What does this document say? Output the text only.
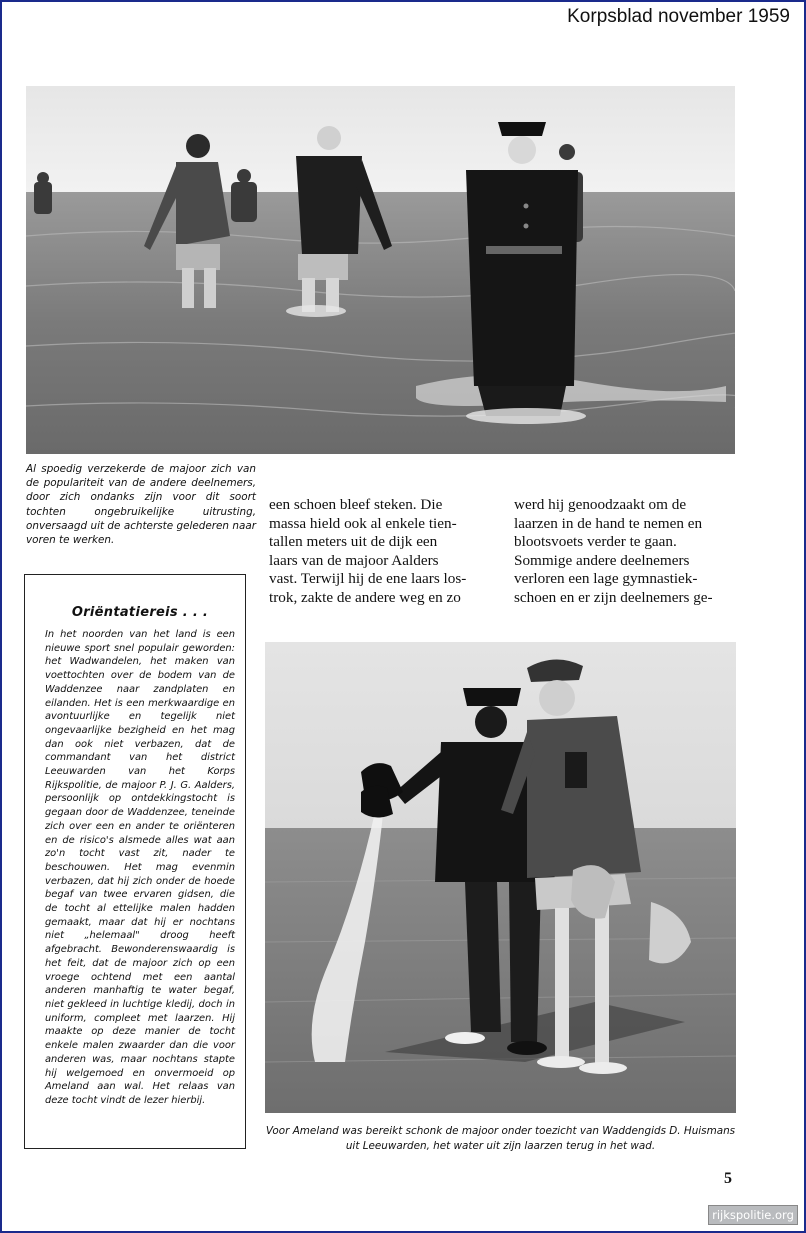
Korpsblad november 1959
Al spoedig verzekerde de majoor zich van de populariteit van de andere deelnemers, door zich ondanks zijn voor dit soort tochten ongebruikelijke uitrusting, onversaagd uit de achterste gelederen naar voren te werken.
een schoen bleef steken. Die
massa hield ook al enkele tien-
tallen meters uit de dijk een
laars van de majoor Aalders
vast. Terwijl hij de ene laars los-
trok, zakte de andere weg en zo
werd hij genoodzaakt om de
laarzen in de hand te nemen en
blootsvoets verder te gaan.
Sommige andere deelnemers
verloren een lage gymnastiek-
schoen en er zijn deelnemers ge-
Oriëntatiereis . . .
In het noorden van het land is een nieuwe sport snel populair geworden: het Wadwandelen, het maken van voettochten over de bodem van de Waddenzee naar zandplaten en eilanden. Het is een merkwaardige en avontuurlijke en tegelijk niet ongevaarlijke bezigheid en het mag dan ook niet verbazen, dat de commandant van het district Leeuwarden van het Korps Rijkspolitie, de majoor P. J. G. Aalders, persoonlijk op ontdekkingstocht is gegaan door de Waddenzee, teneinde zich over een en ander te oriënteren en de risico's alsmede alles wat aan zo'n tocht vast zit, nader te beschouwen. Het mag evenmin verbazen, dat hij zich onder de hoede begaf van twee ervaren gidsen, die de tocht al ettelijke malen hadden gemaakt, maar dat hij er nochtans niet „helemaal" droog heeft afgebracht. Bewonderenswaardig is het feit, dat de majoor zich op een vroege ochtend met een aantal anderen manhaftig te water begaf, niet gekleed in luchtige kledij, doch in uniform, compleet met laarzen. Hij maakte op deze manier de tocht enkele malen zwaarder dan die voor anderen was, maar nochtans stapte hij welgemoed en onvermoeid op Ameland aan wal. Het relaas van deze tocht vindt de lezer hierbij.
Voor Ameland was bereikt schonk de majoor onder toezicht van Waddengids D. Huismans uit Leeuwarden, het water uit zijn laarzen terug in het wad.
5
rijkspolitie.org
